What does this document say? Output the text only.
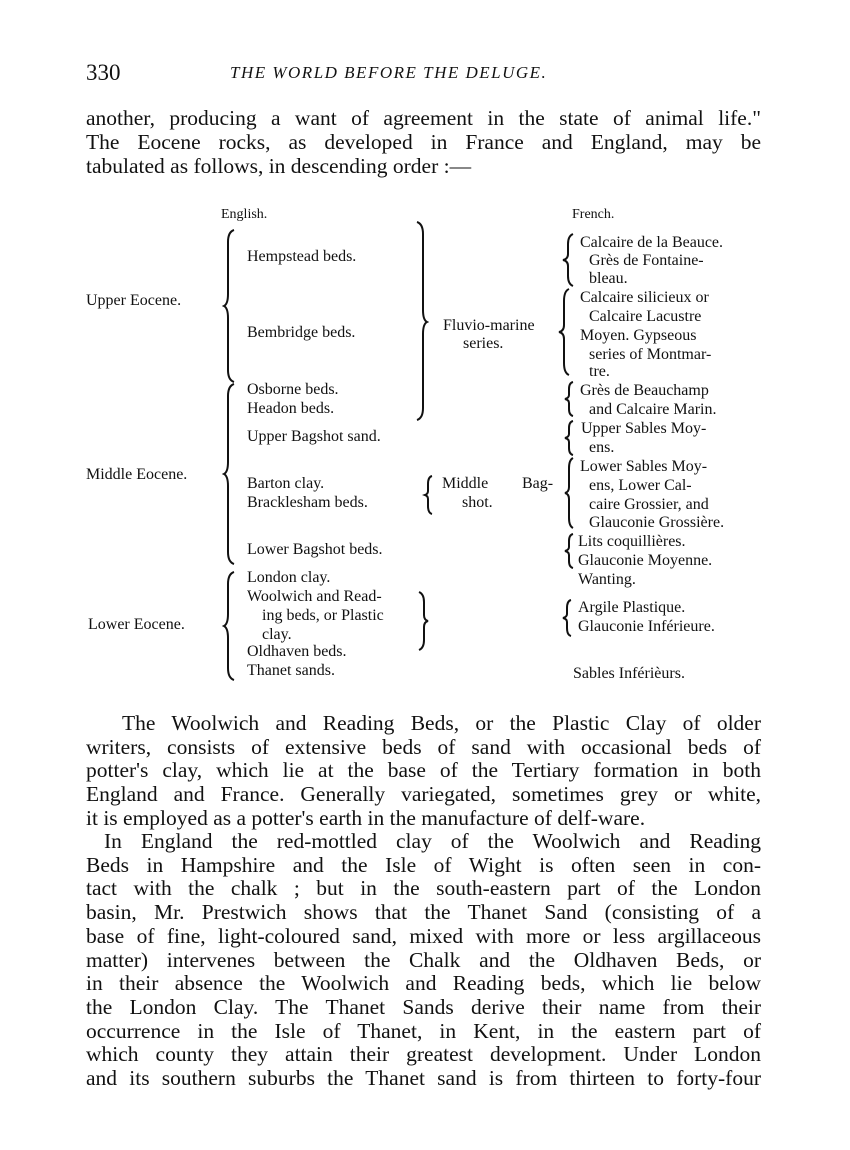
330	THE WORLD BEFORE THE DELUGE.
another, producing a want of agreement in the state of animal life."
The Eocene rocks, as developed in France and England, may be
tabulated as follows, in descending order :—
English.	French.
Upper Eocene.
Middle Eocene.
Lower Eocene.
Hempstead beds.
Bembridge beds.
Osborne beds.
Headon beds.
Upper Bagshot sand.
Barton clay.
Bracklesham beds.
Lower Bagshot beds.
London clay.
Woolwich and Read-
ing beds, or Plastic
clay.
Oldhaven beds.
Thanet sands.
Fluvio-marine
series.
Middle Bag-
shot.
Calcaire de la Beauce.
Grès de Fontaine-
bleau.
Calcaire silicieux or
Calcaire Lacustre
Moyen. Gypseous
series of Montmar-
tre.
Grès de Beauchamp
and Calcaire Marin.
Upper Sables Moy-
ens.
Lower Sables Moy-
ens, Lower Cal-
caire Grossier, and
Glauconie Grossière.
Lits coquillières.
Glauconie Moyenne.
Wanting.
Argile Plastique.
Glauconie Inférieure.
Sables Inférièurs.
The Woolwich and Reading Beds, or the Plastic Clay of older
writers, consists of extensive beds of sand with occasional beds of
potter's clay, which lie at the base of the Tertiary formation in both
England and France. Generally variegated, sometimes grey or white,
it is employed as a potter's earth in the manufacture of delf-ware.
In England the red-mottled clay of the Woolwich and Reading
Beds in Hampshire and the Isle of Wight is often seen in con-
tact with the chalk ; but in the south-eastern part of the London
basin, Mr. Prestwich shows that the Thanet Sand (consisting of a
base of fine, light-coloured sand, mixed with more or less argillaceous
matter) intervenes between the Chalk and the Oldhaven Beds, or
in their absence the Woolwich and Reading beds, which lie below
the London Clay. The Thanet Sands derive their name from their
occurrence in the Isle of Thanet, in Kent, in the eastern part of
which county they attain their greatest development. Under London
and its southern suburbs the Thanet sand is from thirteen to forty-four
